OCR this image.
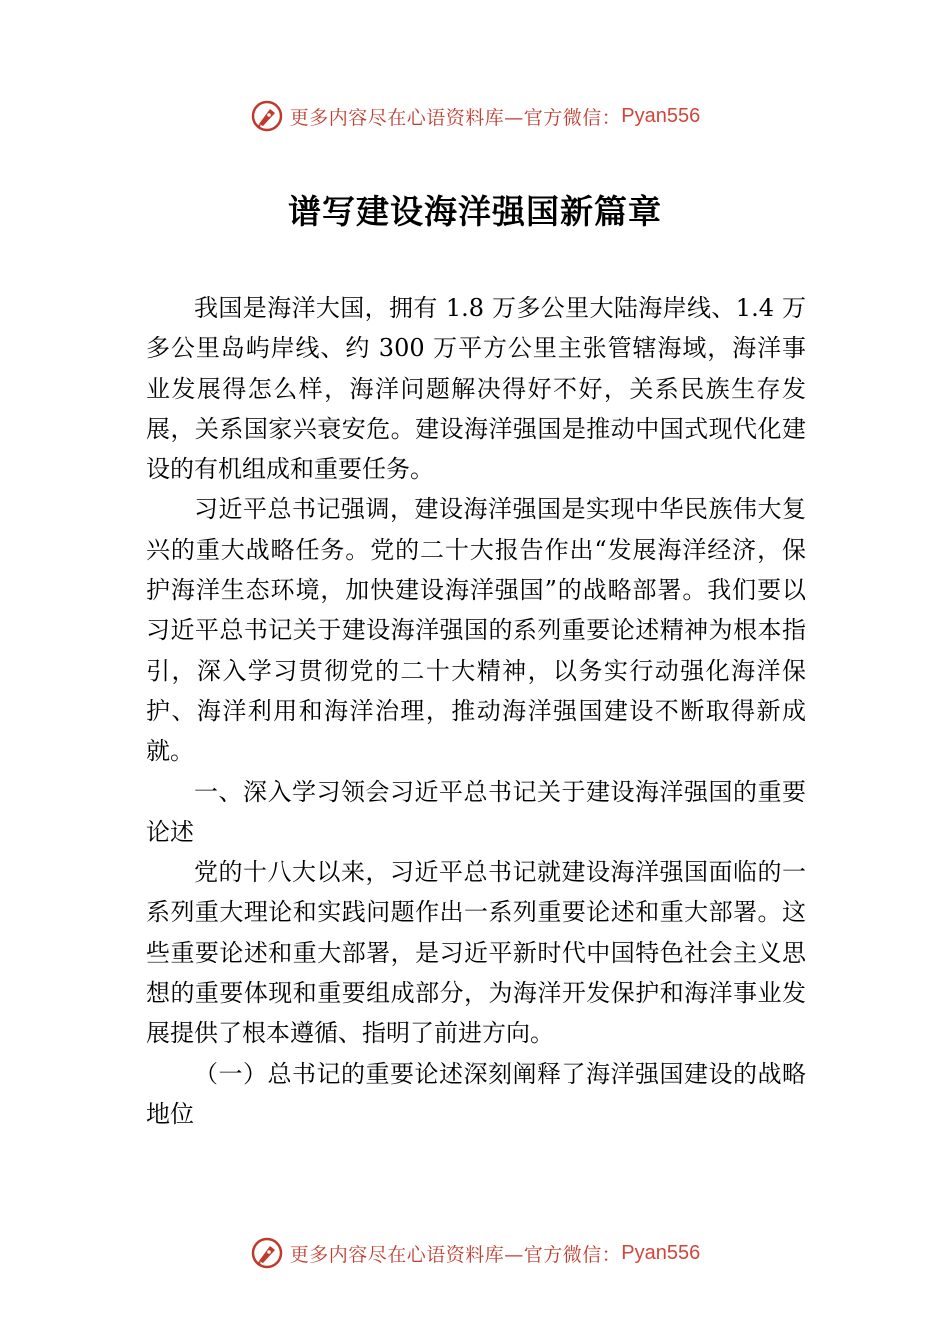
更多内容尽在心语资料库—官方微信： Pyan556
谱写建设海洋强国新篇章

我国是海洋大国，拥有 1.8 万多公里大陆海岸线、1.4 万多公里岛屿岸线、约 300 万平方公里主张管辖海域，海洋事业发展得怎么样，海洋问题解决得好不好，关系民族生存发展，关系国家兴衰安危。建设海洋强国是推动中国式现代化建设的有机组成和重要任务。

习近平总书记强调，建设海洋强国是实现中华民族伟大复兴的重大战略任务。党的二十大报告作出“发展海洋经济，保护海洋生态环境，加快建设海洋强国”的战略部署。我们要以习近平总书记关于建设海洋强国的系列重要论述精神为根本指引，深入学习贯彻党的二十大精神，以务实行动强化海洋保护、海洋利用和海洋治理，推动海洋强国建设不断取得新成就。

一、深入学习领会习近平总书记关于建设海洋强国的重要论述

党的十八大以来，习近平总书记就建设海洋强国面临的一系列重大理论和实践问题作出一系列重要论述和重大部署。这些重要论述和重大部署，是习近平新时代中国特色社会主义思想的重要体现和重要组成部分，为海洋开发保护和海洋事业发展提供了根本遵循、指明了前进方向。

（一）总书记的重要论述深刻阐释了海洋强国建设的战略地位

更多内容尽在心语资料库—官方微信： Pyan556
